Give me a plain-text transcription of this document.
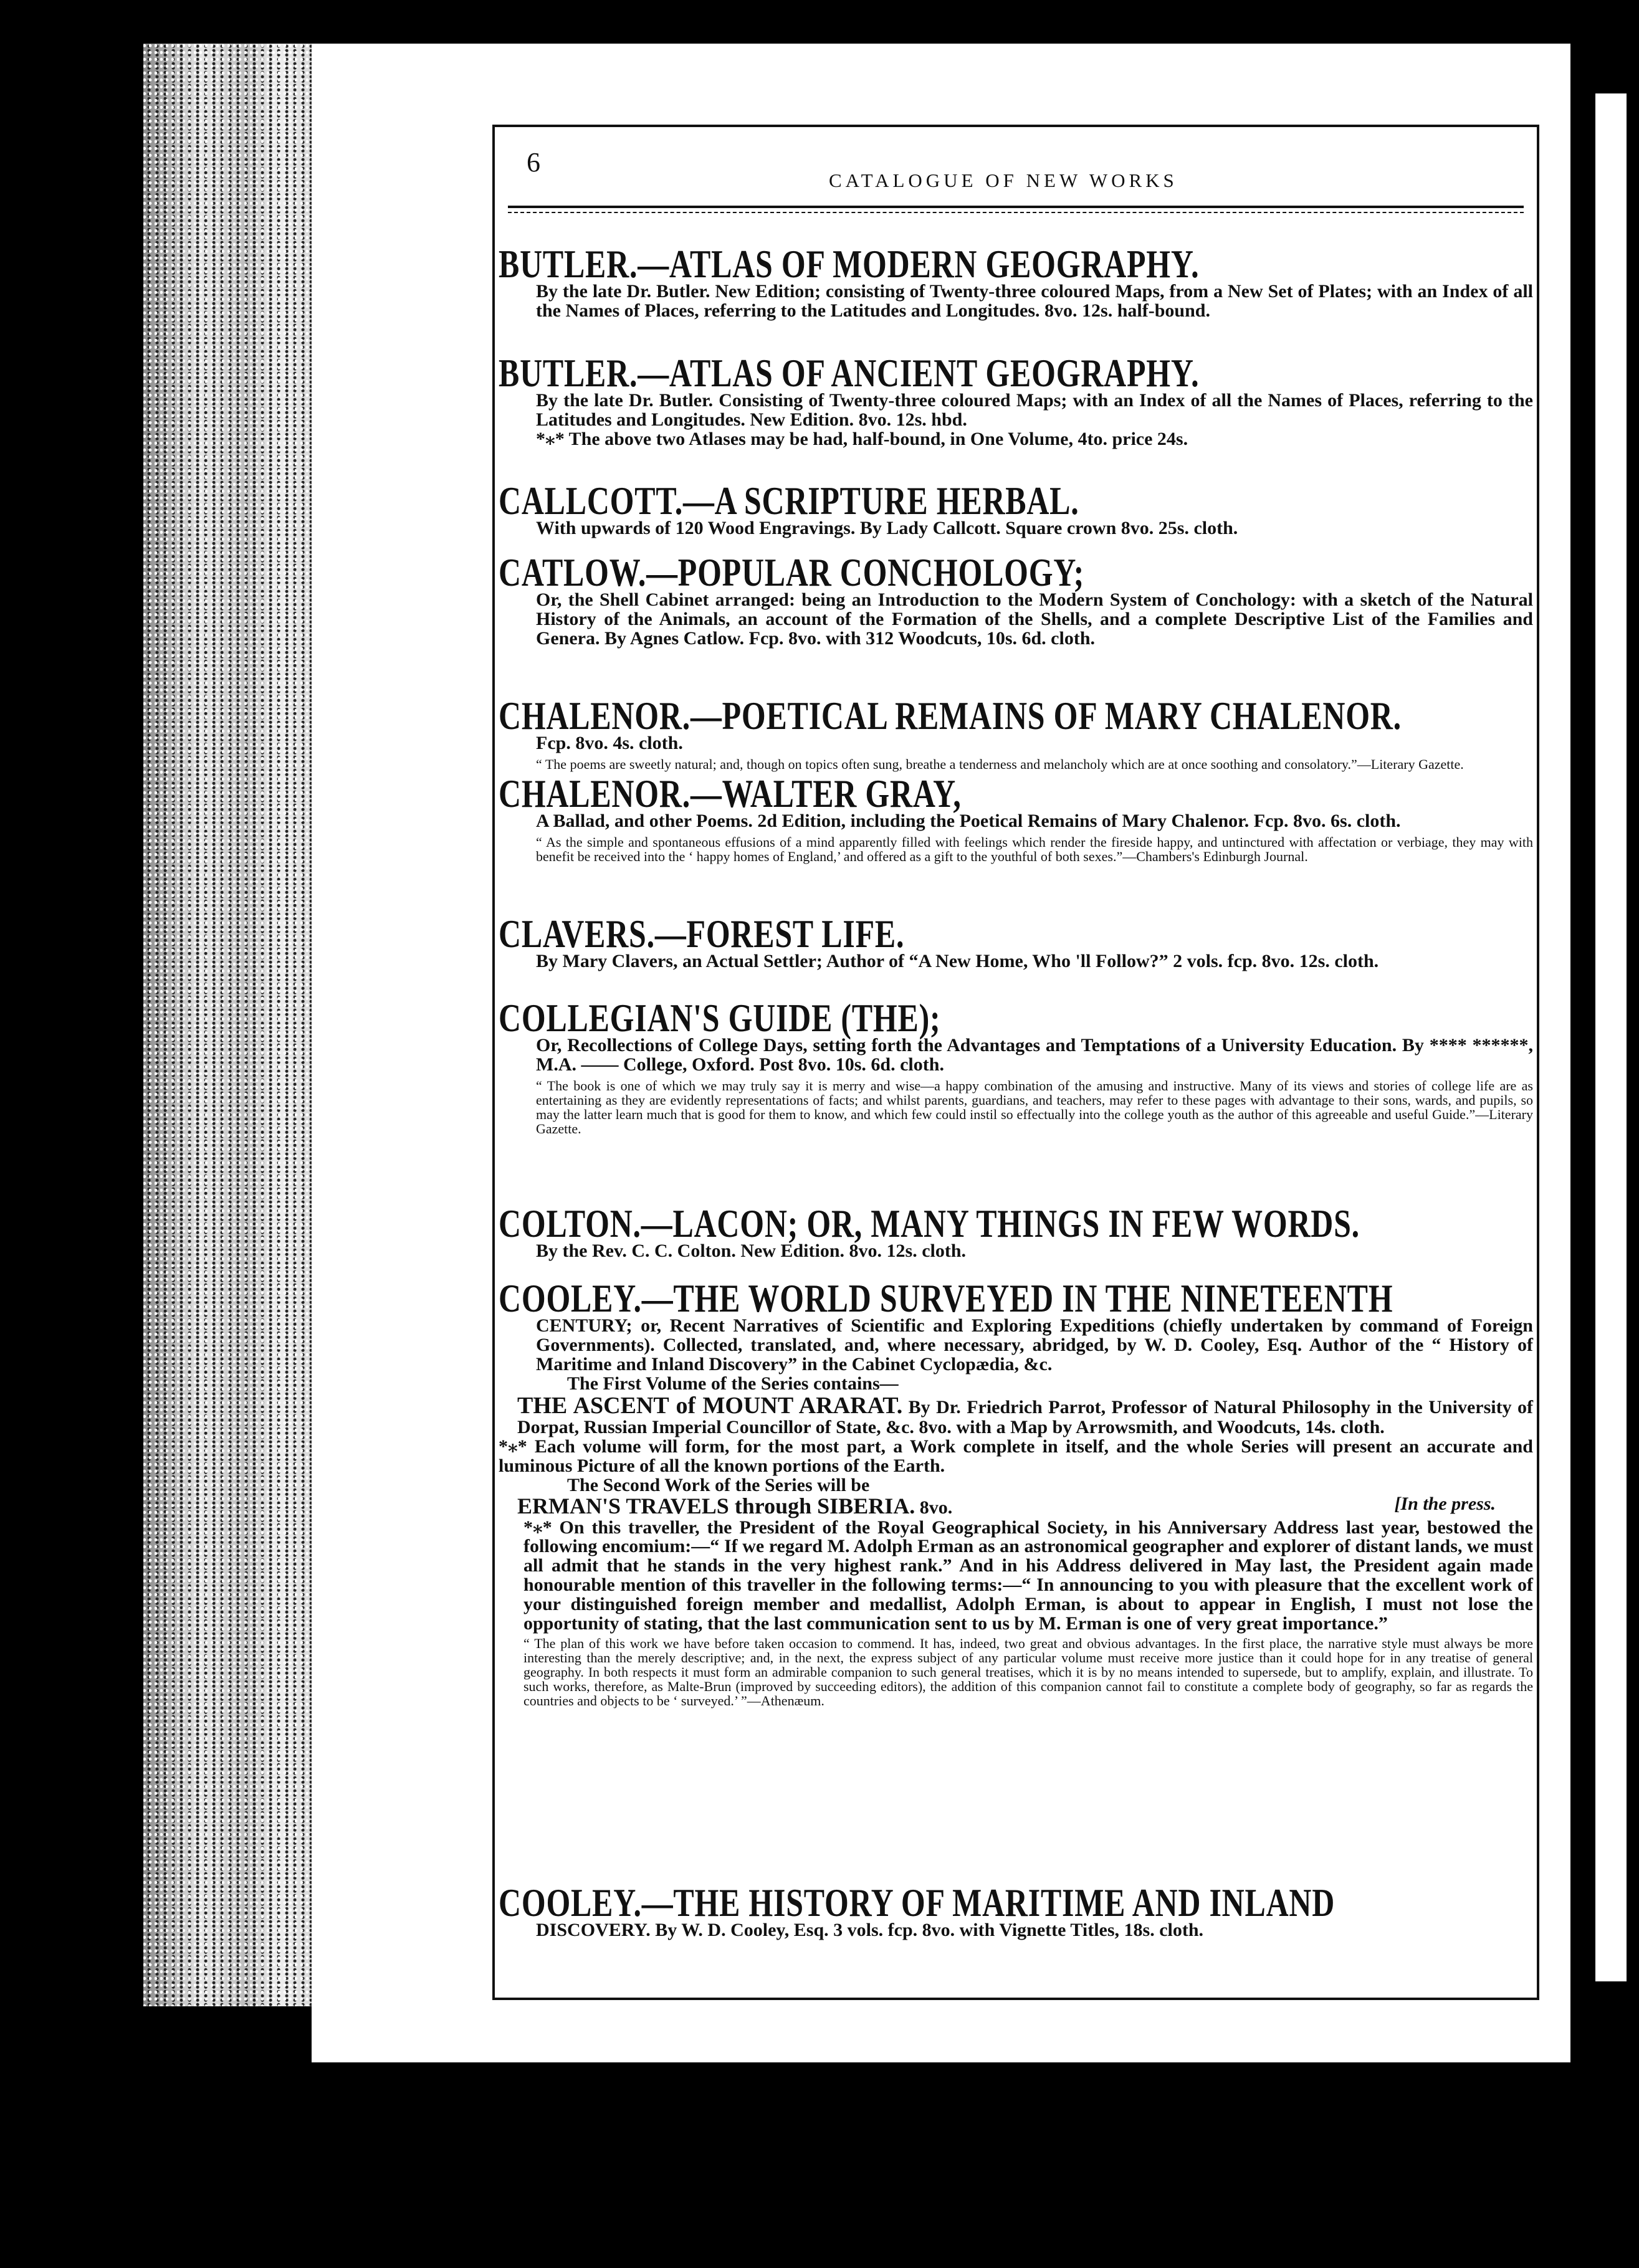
6
CATALOGUE OF NEW WORKS
BUTLER.—ATLAS OF MODERN GEOGRAPHY.
By the late Dr. Butler. New Edition; consisting of Twenty-three coloured Maps, from a New Set of Plates; with an Index of all the Names of Places, referring to the Latitudes and Longitudes. 8vo. 12s. half-bound.
BUTLER.—ATLAS OF ANCIENT GEOGRAPHY.
By the late Dr. Butler. Consisting of Twenty-three coloured Maps; with an Index of all the Names of Places, referring to the Latitudes and Longitudes. New Edition. 8vo. 12s. hbd.
*⁎* The above two Atlases may be had, half-bound, in One Volume, 4to. price 24s.
CALLCOTT.—A SCRIPTURE HERBAL.
With upwards of 120 Wood Engravings. By Lady Callcott. Square crown 8vo. 25s. cloth.
CATLOW.—POPULAR CONCHOLOGY;
Or, the Shell Cabinet arranged: being an Introduction to the Modern System of Conchology: with a sketch of the Natural History of the Animals, an account of the Formation of the Shells, and a complete Descriptive List of the Families and Genera. By Agnes Catlow. Fcp. 8vo. with 312 Woodcuts, 10s. 6d. cloth.
CHALENOR.—POETICAL REMAINS OF MARY CHALENOR.
Fcp. 8vo. 4s. cloth.
“ The poems are sweetly natural; and, though on topics often sung, breathe a tenderness and melancholy which are at once soothing and consolatory.”—Literary Gazette.
CHALENOR.—WALTER GRAY,
A Ballad, and other Poems. 2d Edition, including the Poetical Remains of Mary Chalenor. Fcp. 8vo. 6s. cloth.
“ As the simple and spontaneous effusions of a mind apparently filled with feelings which render the fireside happy, and untinctured with affectation or verbiage, they may with benefit be received into the ‘ happy homes of England,’ and offered as a gift to the youthful of both sexes.”—Chambers's Edinburgh Journal.
CLAVERS.—FOREST LIFE.
By Mary Clavers, an Actual Settler; Author of “A New Home, Who 'll Follow?” 2 vols. fcp. 8vo. 12s. cloth.
COLLEGIAN'S GUIDE (THE);
Or, Recollections of College Days, setting forth the Advantages and Temptations of a University Education. By **** ******, M.A. —— College, Oxford. Post 8vo. 10s. 6d. cloth.
“ The book is one of which we may truly say it is merry and wise—a happy combination of the amusing and instructive. Many of its views and stories of college life are as entertaining as they are evidently representations of facts; and whilst parents, guardians, and teachers, may refer to these pages with advantage to their sons, wards, and pupils, so may the latter learn much that is good for them to know, and which few could instil so effectually into the college youth as the author of this agreeable and useful Guide.”—Literary Gazette.
COLTON.—LACON; OR, MANY THINGS IN FEW WORDS.
By the Rev. C. C. Colton. New Edition. 8vo. 12s. cloth.
COOLEY.—THE WORLD SURVEYED IN THE NINETEENTH
CENTURY; or, Recent Narratives of Scientific and Exploring Expeditions (chiefly undertaken by command of Foreign Governments). Collected, translated, and, where necessary, abridged, by W. D. Cooley, Esq. Author of the “ History of Maritime and Inland Discovery” in the Cabinet Cyclopædia, &c.
The First Volume of the Series contains—
THE ASCENT of MOUNT ARARAT. By Dr. Friedrich Parrot, Professor of Natural Philosophy in the University of Dorpat, Russian Imperial Councillor of State, &c. 8vo. with a Map by Arrowsmith, and Woodcuts, 14s. cloth.
*⁎* Each volume will form, for the most part, a Work complete in itself, and the whole Series will present an accurate and luminous Picture of all the known portions of the Earth.
The Second Work of the Series will be
ERMAN'S TRAVELS through SIBERIA. 8vo.	[In the press.
*⁎* On this traveller, the President of the Royal Geographical Society, in his Anniversary Address last year, bestowed the following encomium:—“ If we regard M. Adolph Erman as an astronomical geographer and explorer of distant lands, we must all admit that he stands in the very highest rank.” And in his Address delivered in May last, the President again made honourable mention of this traveller in the following terms:—“ In announcing to you with pleasure that the excellent work of your distinguished foreign member and medallist, Adolph Erman, is about to appear in English, I must not lose the opportunity of stating, that the last communication sent to us by M. Erman is one of very great importance.”
“ The plan of this work we have before taken occasion to commend. It has, indeed, two great and obvious advantages. In the first place, the narrative style must always be more interesting than the merely descriptive; and, in the next, the express subject of any particular volume must receive more justice than it could hope for in any treatise of general geography. In both respects it must form an admirable companion to such general treatises, which it is by no means intended to supersede, but to amplify, explain, and illustrate. To such works, therefore, as Malte-Brun (improved by succeeding editors), the addition of this companion cannot fail to constitute a complete body of geography, so far as regards the countries and objects to be ‘ surveyed.’ ”—Athenæum.
COOLEY.—THE HISTORY OF MARITIME AND INLAND
DISCOVERY. By W. D. Cooley, Esq. 3 vols. fcp. 8vo. with Vignette Titles, 18s. cloth.
